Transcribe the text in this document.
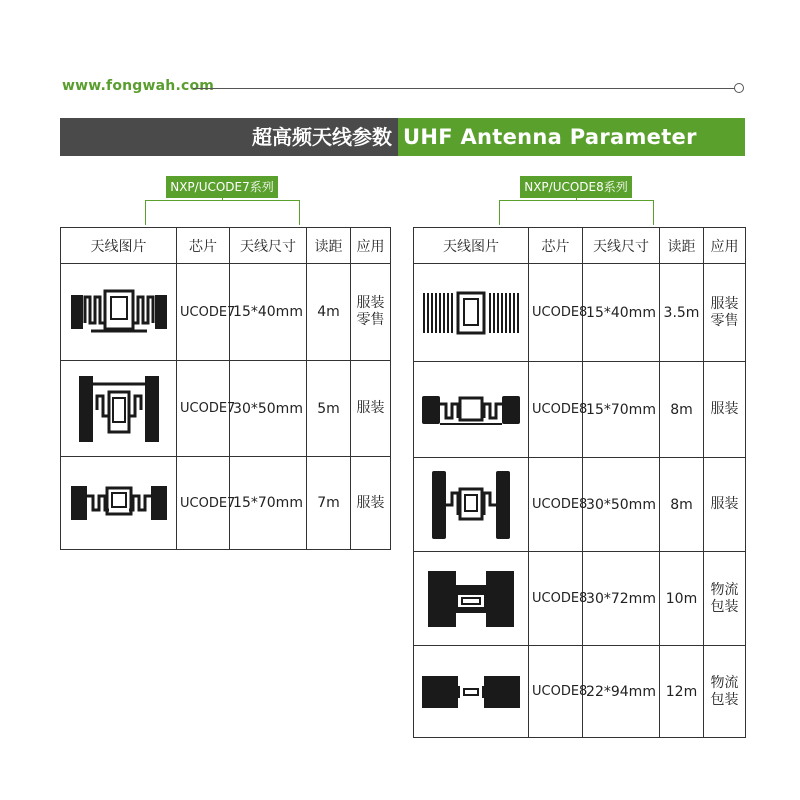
www.fongwah.com
超高频天线参数 UHF Antenna Parameter
NXP/UCODE7系列	NXP/UCODE8系列
天线图片	芯片	天线尺寸	读距	应用

	UCODE7	15*40mm	4m	服装
零售

	UCODE7	30*50mm	5m	服装

	UCODE7	15*70mm	7m	服装
天线图片	芯片	天线尺寸	读距	应用

	UCODE8	15*40mm	3.5m	服装
零售

	UCODE8	15*70mm	8m	服装

	UCODE8	30*50mm	8m	服装

	UCODE8	30*72mm	10m	物流
包装

	UCODE8	22*94mm	12m	物流
包装
